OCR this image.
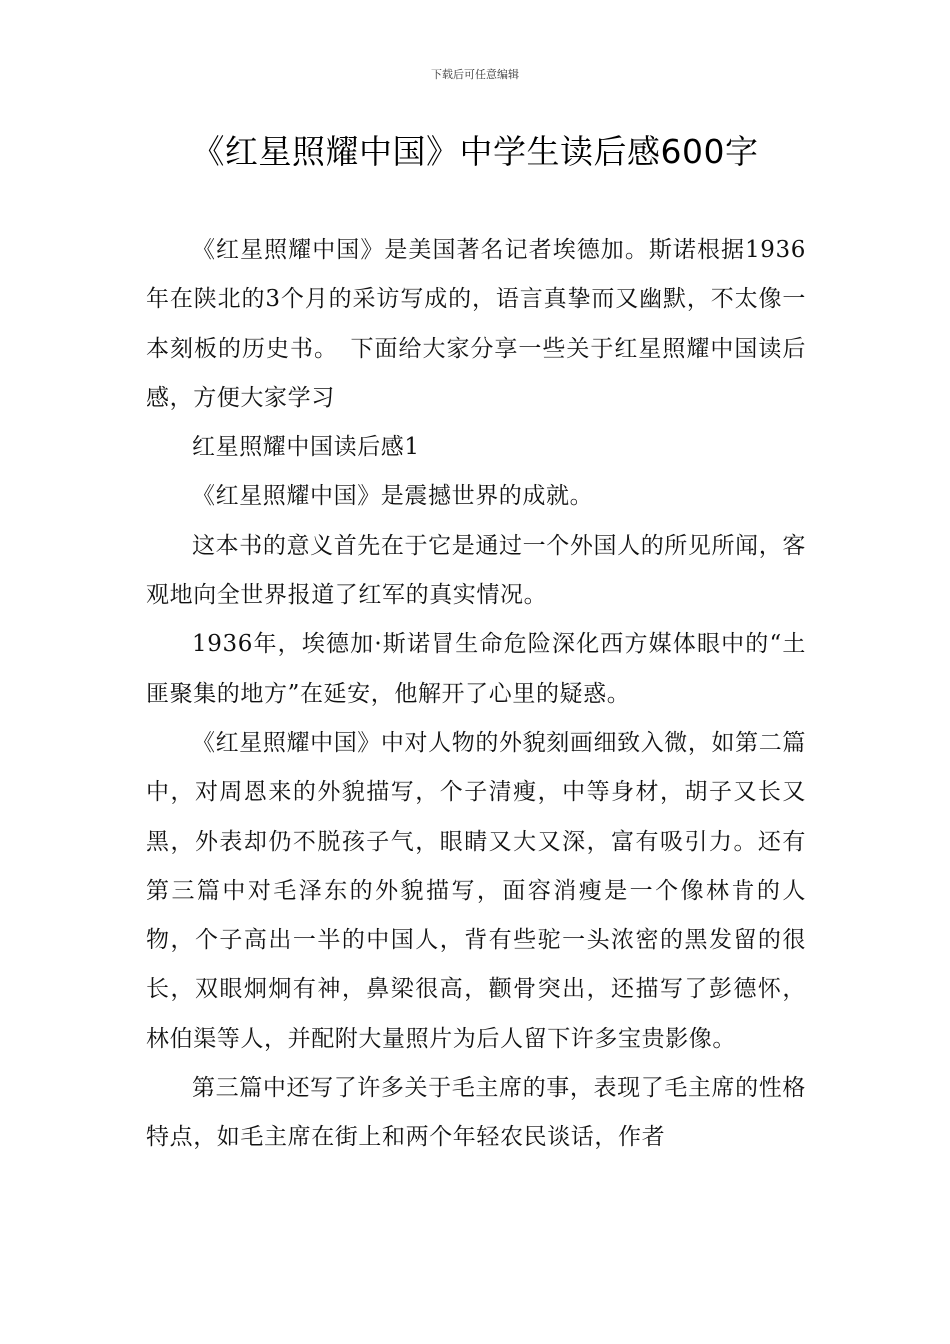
下载后可任意编辑
《红星照耀中国》中学生读后感600字

《红星照耀中国》是美国著名记者埃德加。斯诺根据1936年在陕北的3个月的采访写成的，语言真挚而又幽默，不太像一本刻板的历史书。　下面给大家分享一些关于红星照耀中国读后感，方便大家学习

红星照耀中国读后感1

《红星照耀中国》是震撼世界的成就。

这本书的意义首先在于它是通过一个外国人的所见所闻，客观地向全世界报道了红军的真实情况。

1936年，埃德加·斯诺冒生命危险深化西方媒体眼中的“土匪聚集的地方”在延安，他解开了心里的疑惑。

《红星照耀中国》中对人物的外貌刻画细致入微，如第二篇中，对周恩来的外貌描写，个子清瘦，中等身材，胡子又长又黑，外表却仍不脱孩子气，眼睛又大又深，富有吸引力。还有第三篇中对毛泽东的外貌描写，面容消瘦是一个像林肯的人物，个子高出一半的中国人，背有些驼一头浓密的黑发留的很长，双眼炯炯有神，鼻梁很高，颧骨突出，还描写了彭德怀，林伯渠等人，并配附大量照片为后人留下许多宝贵影像。

第三篇中还写了许多关于毛主席的事，表现了毛主席的性格特点，如毛主席在街上和两个年轻农民谈话，作者
